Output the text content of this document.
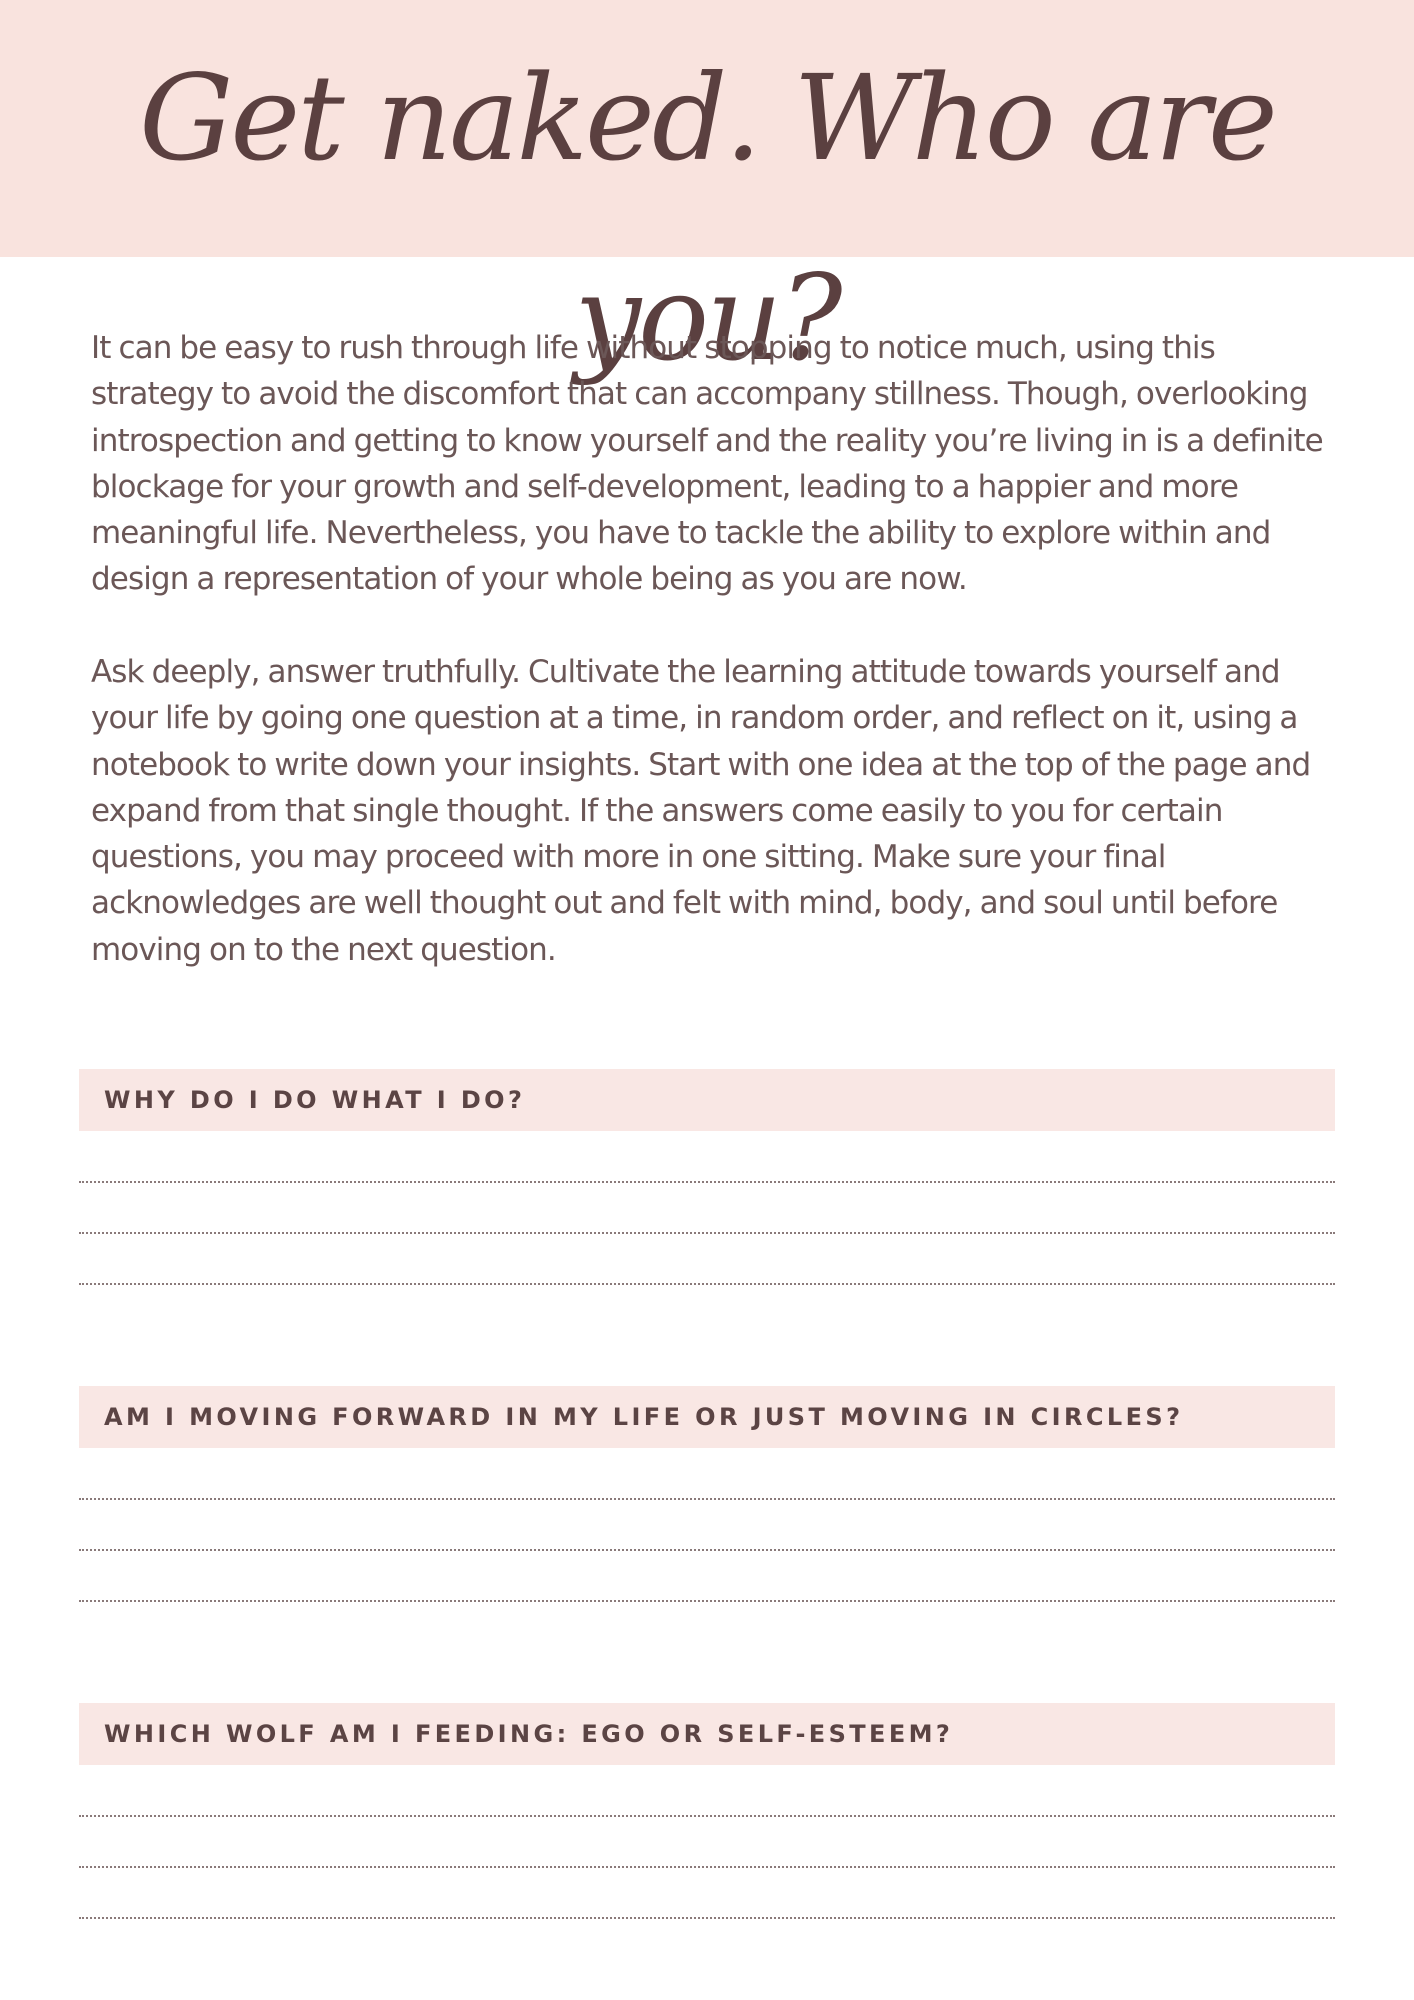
Get naked. Who are you?

It can be easy to rush through life without stopping to notice much, using this strategy to avoid the discomfort that can accompany stillness. Though, overlooking introspection and getting to know yourself and the reality you’re living in is a definite blockage for your growth and self-development, leading to a happier and more meaningful life. Nevertheless, you have to tackle the ability to explore within and design a representation of your whole being as you are now.

Ask deeply, answer truthfully. Cultivate the learning attitude towards yourself and your life by going one question at a time, in random order, and reflect on it, using a notebook to write down your insights. Start with one idea at the top of the page and expand from that single thought. If the answers come easily to you for certain questions, you may proceed with more in one sitting. Make sure your final acknowledges are well thought out and felt with mind, body, and soul until before moving on to the next question.

WHY DO I DO WHAT I DO?
AM I MOVING FORWARD IN MY LIFE OR JUST MOVING IN CIRCLES?
WHICH WOLF AM I FEEDING: EGO OR SELF-ESTEEM?
